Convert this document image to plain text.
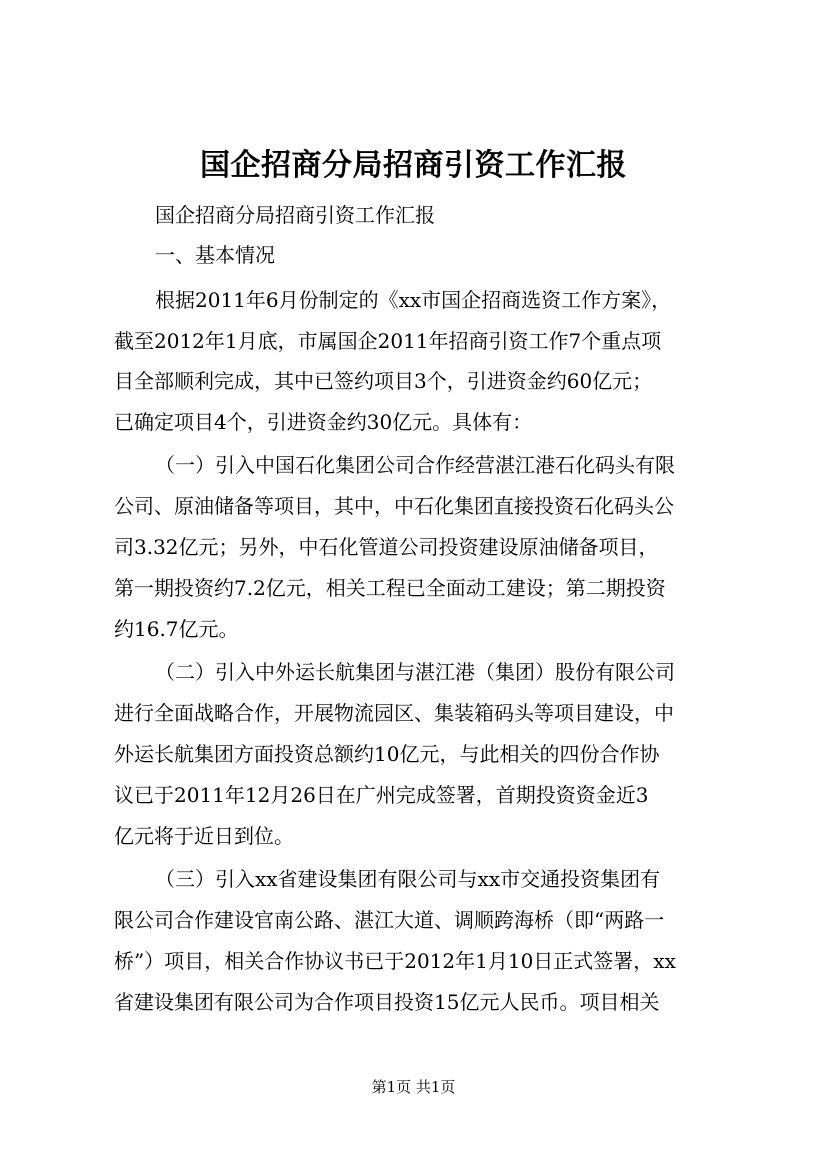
国企招商分局招商引资工作汇报
国企招商分局招商引资工作汇报
一、基本情况
根据2011年6月份制定的《xx市国企招商选资工作方案》，
截至2012年1月底，市属国企2011年招商引资工作7个重点项
目全部顺利完成，其中已签约项目3个，引进资金约60亿元；
已确定项目4个，引进资金约30亿元。具体有：
（一）引入中国石化集团公司合作经营湛江港石化码头有限
公司、原油储备等项目，其中，中石化集团直接投资石化码头公
司3.32亿元；另外，中石化管道公司投资建设原油储备项目，
第一期投资约7.2亿元，相关工程已全面动工建设；第二期投资
约16.7亿元。
（二）引入中外运长航集团与湛江港（集团）股份有限公司
进行全面战略合作，开展物流园区、集装箱码头等项目建设，中
外运长航集团方面投资总额约10亿元，与此相关的四份合作协
议已于2011年12月26日在广州完成签署，首期投资资金近3
亿元将于近日到位。
（三）引入xx省建设集团有限公司与xx市交通投资集团有
限公司合作建设官南公路、湛江大道、调顺跨海桥（即“两路一
桥”）项目，相关合作协议书已于2012年1月10日正式签署，xx
省建设集团有限公司为合作项目投资15亿元人民币。项目相关
第1页 共1页
